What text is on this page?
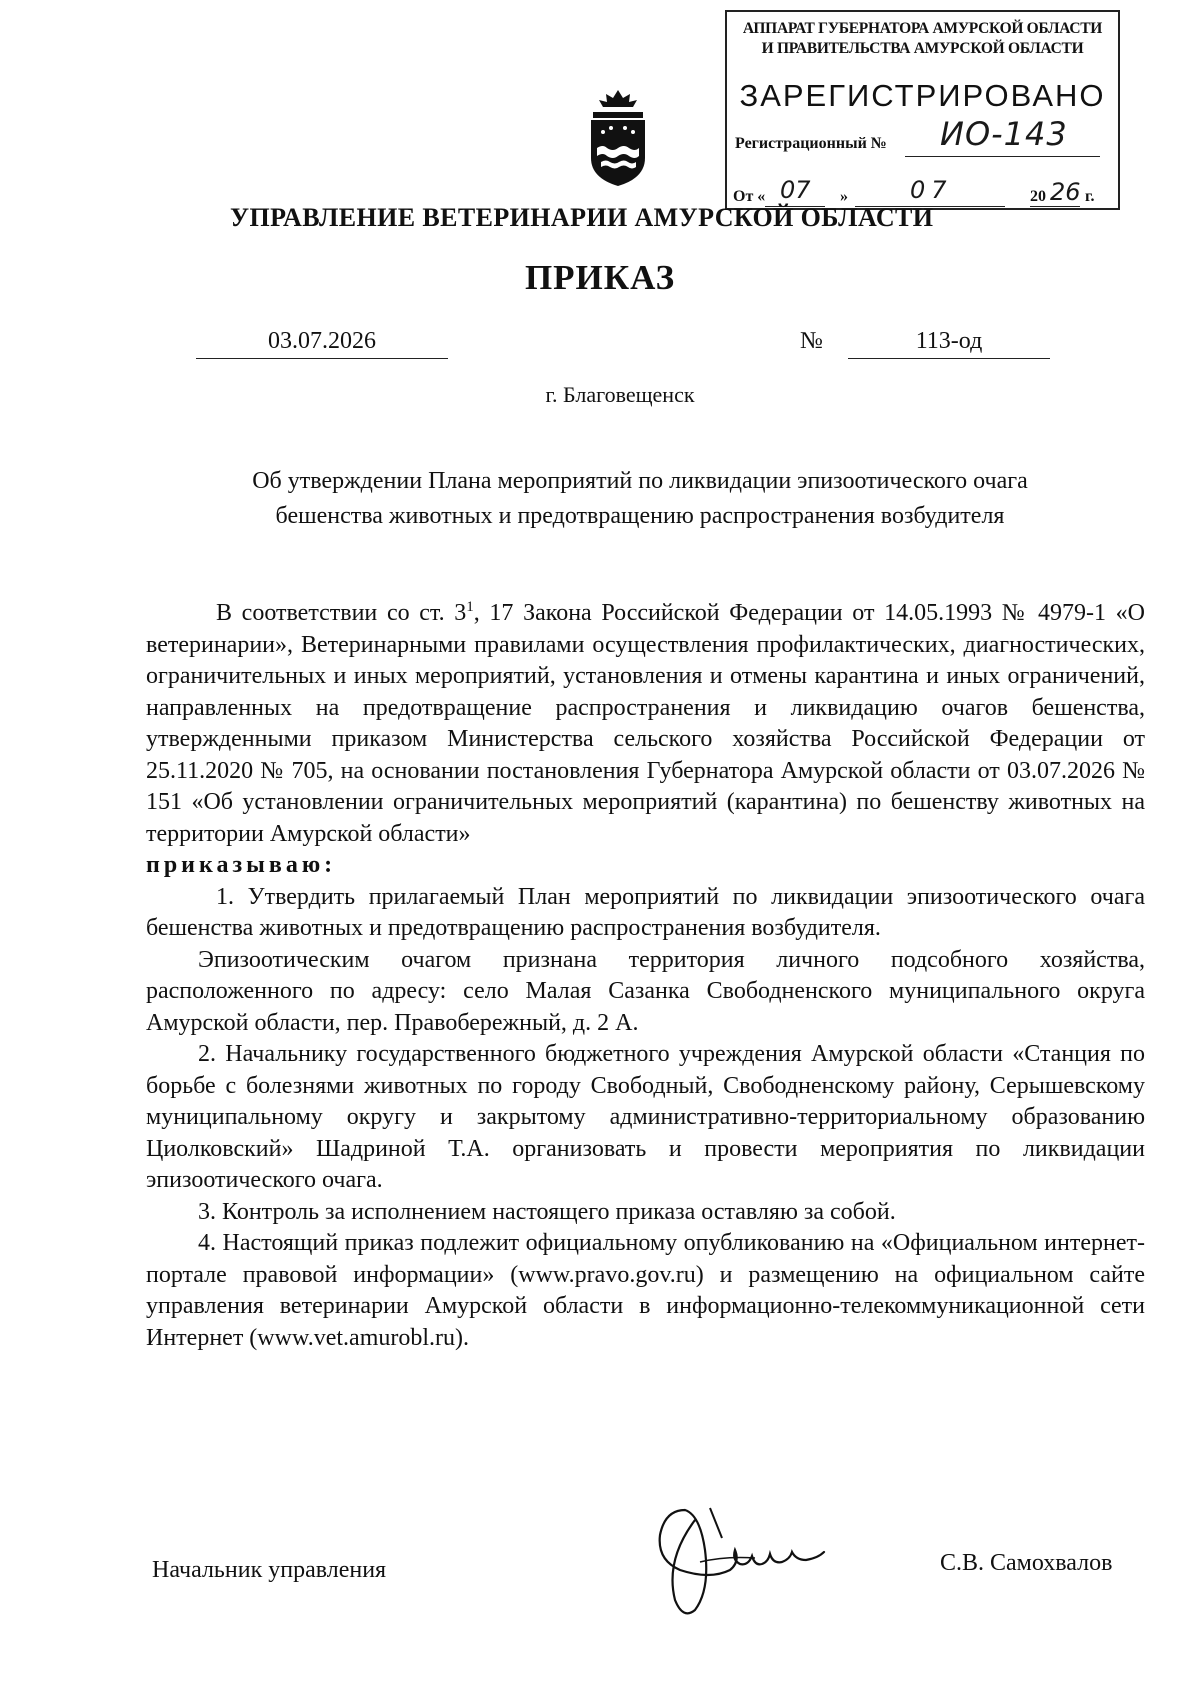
АППАРАТ ГУБЕРНАТОРА АМУРСКОЙ ОБЛАСТИ
И ПРАВИТЕЛЬСТВА АМУРСКОЙ ОБЛАСТИ
ЗАРЕГИСТРИРОВАНО
Регистрационный № ИО-143
От « 07 »	07	20 26 г.
УПРАВЛЕНИЕ ВЕТЕРИНАРИИ АМУРСКОЙ ОБЛАСТИ
ПРИКАЗ
03.07.2026	№	113-од
г. Благовещенск
Об утверждении Плана мероприятий по ликвидации эпизоотического очага
бешенства животных и предотвращению распространения возбудителя

В соответствии со ст. $3^1$, 17 Закона Российской Федерации от 14.05.1993 № 4979-1 «О ветеринарии», Ветеринарными правилами осуществления профилактических, диагностических, ограничительных и иных мероприятий, установления и отмены карантина и иных ограничений, направленных на предотвращение распространения и ликвидацию очагов бешенства, утвержденными приказом Министерства сельского хозяйства Российской Федерации от 25.11.2020 № 705, на основании постановления Губернатора Амурской области от 03.07.2026 № 151 «Об установлении ограничительных мероприятий (карантина) по бешенству животных на территории Амурской области»

приказываю:

1. Утвердить прилагаемый План мероприятий по ликвидации эпизоотического очага бешенства животных и предотвращению распространения возбудителя.

Эпизоотическим очагом признана территория личного подсобного хозяйства, расположенного по адресу: село Малая Сазанка Свободненского муниципального округа Амурской области, пер. Правобережный, д. 2 А.

2. Начальнику государственного бюджетного учреждения Амурской области «Станция по борьбе с болезнями животных по городу Свободный, Свободненскому району, Серышевскому муниципальному округу и закрытому административно-территориальному образованию Циолковский» Шадриной Т.А. организовать и провести мероприятия по ликвидации эпизоотического очага.

3. Контроль за исполнением настоящего приказа оставляю за собой.

4. Настоящий приказ подлежит официальному опубликованию на «Официальном интернет-портале правовой информации» (www.pravo.gov.ru) и размещению на официальном сайте управления ветеринарии Амурской области в информационно-телекоммуникационной сети Интернет (www.vet.amurobl.ru).

Начальник управления	С.В. Самохвалов
